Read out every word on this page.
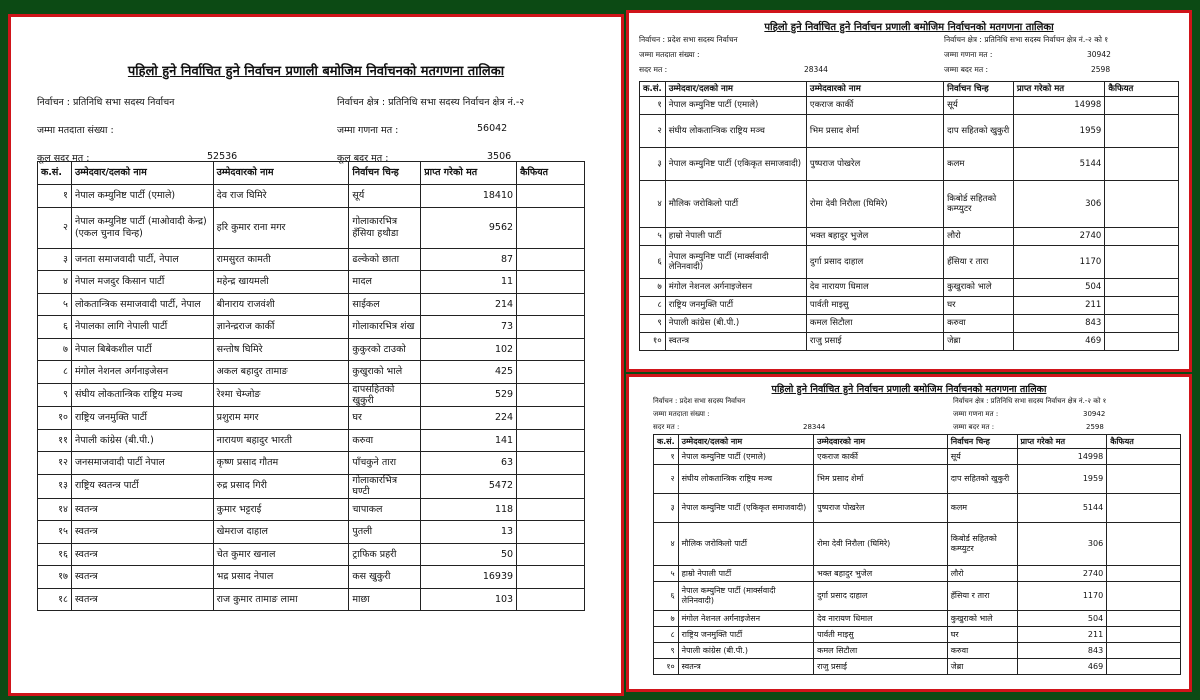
पहिलो हुने निर्वाचित हुने निर्वाचन प्रणाली बमोजिम निर्वाचनको मतगणना तालिका
निर्वाचन : प्रतिनिधि सभा सदस्य निर्वाचन	निर्वाचन क्षेत्र : प्रतिनिधि सभा सदस्य निर्वाचन क्षेत्र नं.-२
जम्मा मतदाता संख्या :	जम्मा गणना मत :	56042
कूल सदर मत :	52536	कूल बदर मत :	3506
क.सं.	उम्मेदवार/दलको नाम	उम्मेदवारको नाम	निर्वाचन चिन्ह	प्राप्त गरेको मत	कैफियत
१	नेपाल कम्युनिष्ट पार्टी (एमाले)	देव राज घिमिरे	सूर्य	18410	
२	नेपाल कम्युनिष्ट पार्टी (माओवादी केन्द्र)(एकल चुनाव चिन्ह)	हरि कुमार राना मगर	गोलाकारभित्र हँसिया हथौडा	9562	
३	जनता समाजवादी पार्टी, नेपाल	रामसुरत कामती	ढल्केको छाता	87	
४	नेपाल मजदुर किसान पार्टी	महेन्द्र खायमली	मादल	11	
५	लोकतान्त्रिक समाजवादी पार्टी, नेपाल	बीनाराय राजवंशी	साईकल	214	
६	नेपालका लागि नेपाली पार्टी	ज्ञानेन्द्रराज कार्की	गोलाकारभित्र शंख	73	
७	नेपाल बिबेकशील पार्टी	सन्तोष घिमिरे	कुकुरको टाउको	102	
८	मंगोल नेशनल अर्गनाइजेसन	अकल बहादुर तामाङ	कुखुराको भाले	425	
९	संघीय लोकतान्त्रिक राष्ट्रिय मञ्च	रेश्मा चेम्जोङ	दापसहितको खुकुरी	529	
१०	राष्ट्रिय जनमुक्ति पार्टी	प्रशुराम मगर	घर	224	
११	नेपाली कांग्रेस (बी.पी.)	नारायण बहादुर भारती	करुवा	141	
१२	जनसमाजवादी पार्टी नेपाल	कृष्ण प्रसाद गौतम	पाँचकुने तारा	63	
१३	राष्ट्रिय स्वतन्त्र पार्टी	रुद्र प्रसाद गिरी	गोलाकारभित्र घण्टी	5472	
१४	स्वतन्त्र	कुमार भट्टराई	चापाकल	118	
१५	स्वतन्त्र	खेमराज दाहाल	पुतली	13	
१६	स्वतन्त्र	चेत कुमार खनाल	ट्राफिक प्रहरी	50	
१७	स्वतन्त्र	भद्र प्रसाद नेपाल	कस खुकुरी	16939	
१८	स्वतन्त्र	राज कुमार तामाङ लामा	माछा	103	
पहिलो हुने निर्वाचित हुने निर्वाचन प्रणाली बमोजिम निर्वाचनको मतगणना तालिका
निर्वाचन : प्रदेश सभा सदस्य निर्वाचन	निर्वाचन क्षेत्र : प्रतिनिधि सभा सदस्य निर्वाचन क्षेत्र नं.-२ को १
जम्मा मतदाता संख्या :	जम्मा गणना मत :	30942
सदर मत :	28344	जम्मा बदर मत :	2598
क.सं.	उम्मेदवार/दलको नाम	उम्मेदवारको नाम	निर्वाचन चिन्ह	प्राप्त गरेको मत	कैफियत
१	नेपाल कम्युनिष्ट पार्टी (एमाले)	एकराज कार्की	सूर्य	14998	
२	संघीय लोकतान्त्रिक राष्ट्रिय मञ्च	भिम प्रसाद शेर्मा	दाप सहितको खुकुरी	1959	
३	नेपाल कम्युनिष्ट पार्टी (एकिकृत समाजवादी)	पुष्पराज पोखरेल	कलम	5144	
४	मौलिक जरोकिलो पार्टी	रोमा देवी निरौला (घिमिरे)	किबोर्ड सहितको कम्प्युटर	306	
५	हाम्रो नेपाली पार्टी	भक्त बहादुर भुजेल	लौरो	2740	
६	नेपाल कम्युनिष्ट पार्टी (मार्क्सवादी लेनिनवादी)	दुर्गा प्रसाद दाहाल	हँसिया र तारा	1170	
७	मंगोल नेशनल अर्गनाइजेसन	देव नारायण धिमाल	कुखुराको भाले	504	
८	राष्ट्रिय जनमुक्ति पार्टी	पार्वती माइसु	घर	211	
९	नेपाली कांग्रेस (बी.पी.)	कमल सिटौला	करुवा	843	
१०	स्वतन्त्र	राजु प्रसाई	जेब्रा	469	
पहिलो हुने निर्वाचित हुने निर्वाचन प्रणाली बमोजिम निर्वाचनको मतगणना तालिका
निर्वाचन : प्रदेश सभा सदस्य निर्वाचन	निर्वाचन क्षेत्र : प्रतिनिधि सभा सदस्य निर्वाचन क्षेत्र नं.-२ को १
जम्मा मतदाता संख्या :	जम्मा गणना मत :	30942
सदर मत :	28344	जम्मा बदर मत :	2598
क.सं.	उम्मेदवार/दलको नाम	उम्मेदवारको नाम	निर्वाचन चिन्ह	प्राप्त गरेको मत	कैफियत
१	नेपाल कम्युनिष्ट पार्टी (एमाले)	एकराज कार्की	सूर्य	14998	
२	संघीय लोकतान्त्रिक राष्ट्रिय मञ्च	भिम प्रसाद शेर्मा	दाप सहितको खुकुरी	1959	
३	नेपाल कम्युनिष्ट पार्टी (एकिकृत समाजवादी)	पुष्पराज पोखरेल	कलम	5144	
४	मौलिक जरोकिलो पार्टी	रोमा देवी निरौला (घिमिरे)	किबोर्ड सहितको कम्प्युटर	306	
५	हाम्रो नेपाली पार्टी	भक्त बहादुर भुजेल	लौरो	2740	
६	नेपाल कम्युनिष्ट पार्टी (मार्क्सवादी लेनिनवादी)	दुर्गा प्रसाद दाहाल	हँसिया र तारा	1170	
७	मंगोल नेशनल अर्गनाइजेसन	देव नारायण धिमाल	कुखुराको भाले	504	
८	राष्ट्रिय जनमुक्ति पार्टी	पार्वती माइसु	घर	211	
९	नेपाली कांग्रेस (बी.पी.)	कमल सिटौला	करुवा	843	
१०	स्वतन्त्र	राजु प्रसाई	जेब्रा	469	
